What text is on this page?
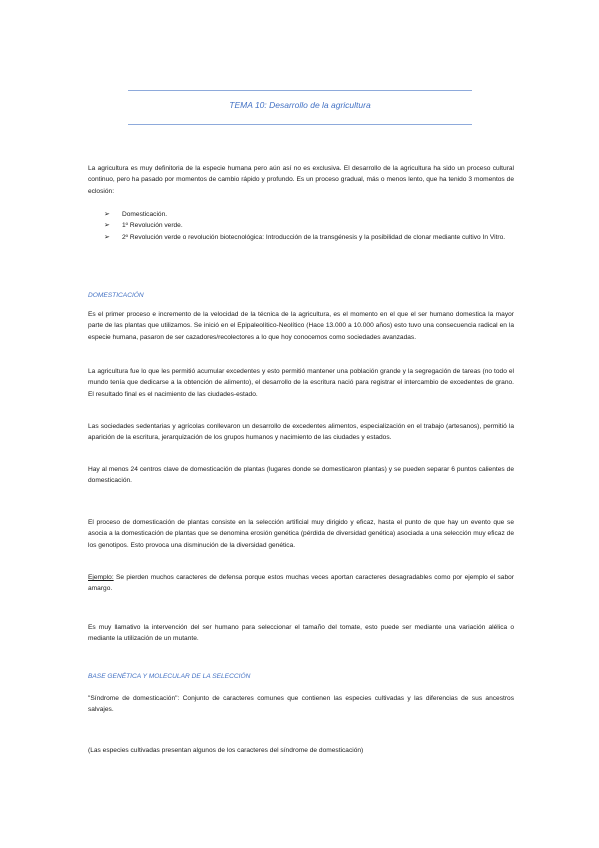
TEMA 10: Desarrollo de la agricultura
La agricultura es muy definitoria de la especie humana pero aún así no es exclusiva. El desarrollo de la agricultura ha sido un proceso cultural continuo, pero ha pasado por momentos de cambio rápido y profundo. Es un proceso gradual, más o menos lento, que ha tenido 3 momentos de eclosión:
➢ Domesticación.
➢ 1º Revolución verde.
➢ 2º Revolución verde o revolución biotecnológica: Introducción de la transgénesis y la posibilidad de clonar mediante cultivo In Vitro.
DOMESTICACIÓN
Es el primer proceso e incremento de la velocidad de la técnica de la agricultura, es el momento en el que el ser humano domestica la mayor parte de las plantas que utilizamos. Se inició en el Epipaleolítico-Neolítico (Hace 13.000 a 10.000 años) esto tuvo una consecuencia radical en la especie humana, pasaron de ser cazadores/recolectores a lo que hoy conocemos como sociedades avanzadas.
La agricultura fue lo que les permitió acumular excedentes y esto permitió mantener una población grande y la segregación de tareas (no todo el mundo tenía que dedicarse a la obtención de alimento), el desarrollo de la escritura nació para registrar el intercambio de excedentes de grano. El resultado final es el nacimiento de las ciudades-estado.
Las sociedades sedentarias y agrícolas conllevaron un desarrollo de excedentes alimentos, especialización en el trabajo (artesanos), permitió la aparición de la escritura, jerarquización de los grupos humanos y nacimiento de las ciudades y estados.
Hay al menos 24 centros clave de domesticación de plantas (lugares donde se domesticaron plantas) y se pueden separar 6 puntos calientes de domesticación.
El proceso de domesticación de plantas consiste en la selección artificial muy dirigido y eficaz, hasta el punto de que hay un evento que se asocia a la domesticación de plantas que se denomina erosión genética (pérdida de diversidad genética) asociada a una selección muy eficaz de los genotipos. Esto provoca una disminución de la diversidad genética.
Ejemplo: Se pierden muchos caracteres de defensa porque estos muchas veces aportan caracteres desagradables como por ejemplo el sabor amargo.
Es muy llamativo la intervención del ser humano para seleccionar el tamaño del tomate, esto puede ser mediante una variación alélica o mediante la utilización de un mutante.
BASE GENÉTICA Y MOLECULAR DE LA SELECCIÓN
"Síndrome de domesticación": Conjunto de caracteres comunes que contienen las especies cultivadas y las diferencias de sus ancestros salvajes.
(Las especies cultivadas presentan algunos de los caracteres del síndrome de domesticación)
